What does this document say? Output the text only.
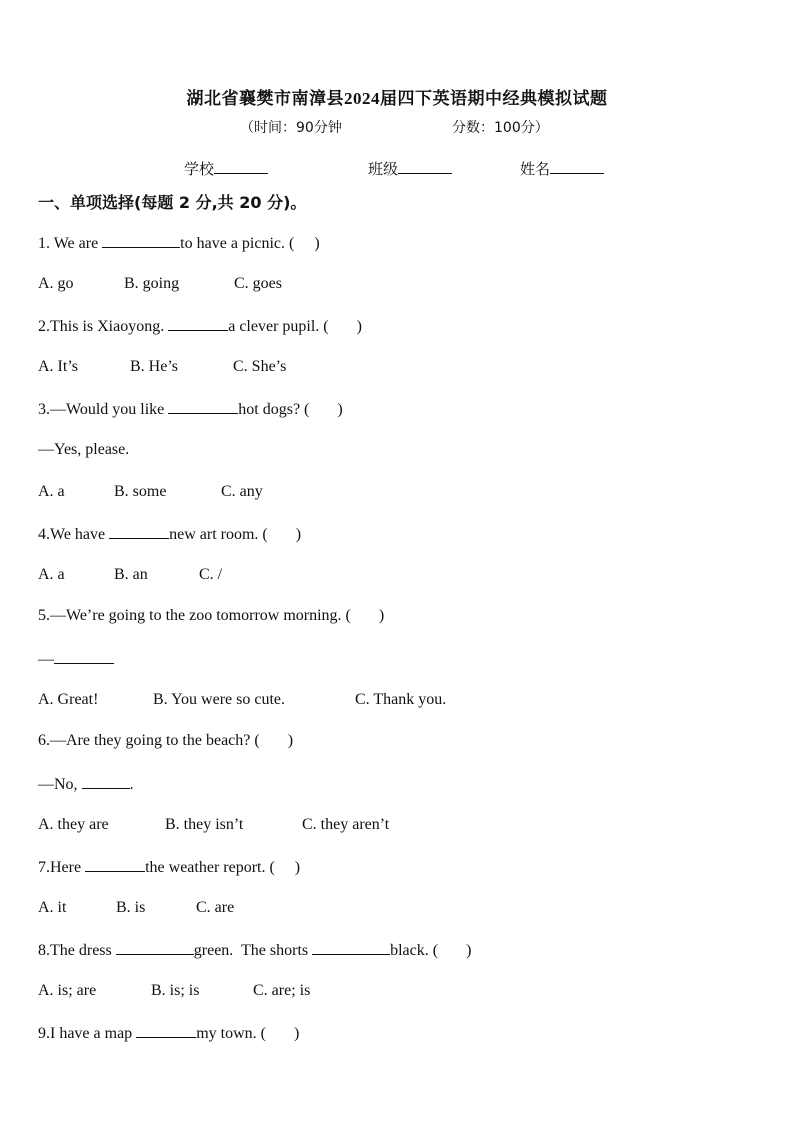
湖北省襄樊市南漳县2024届四下英语期中经典模拟试题
（时间：90分钟	分数：100分）
学校	班级	姓名
一、单项选择(每题 2 分,共 20 分)。
1. We are	to have a picnic. (     )
A. go	B. going	C. goes
2.This is Xiaoyong.	a clever pupil. (       )
A. It’s	B. He’s	C. She’s
3.—Would you like	hot dogs? (       )
—Yes, please.
A. a	B. some	C. any
4.We have	new art room. (       )
A. a	B. an	C. /
5.—We’re going to the zoo tomorrow morning. (       )
—
A. Great!	B. You were so cute.	C. Thank you.
6.—Are they going to the beach? (       )
—No,	.
A. they are	B. they isn’t	C. they aren’t
7.Here	the weather report. (     )
A. it	B. is	C. are
8.The dress	green.  The shorts	black. (       )
A. is; are	B. is; is	C. are; is
9.I have a map	my town. (       )
